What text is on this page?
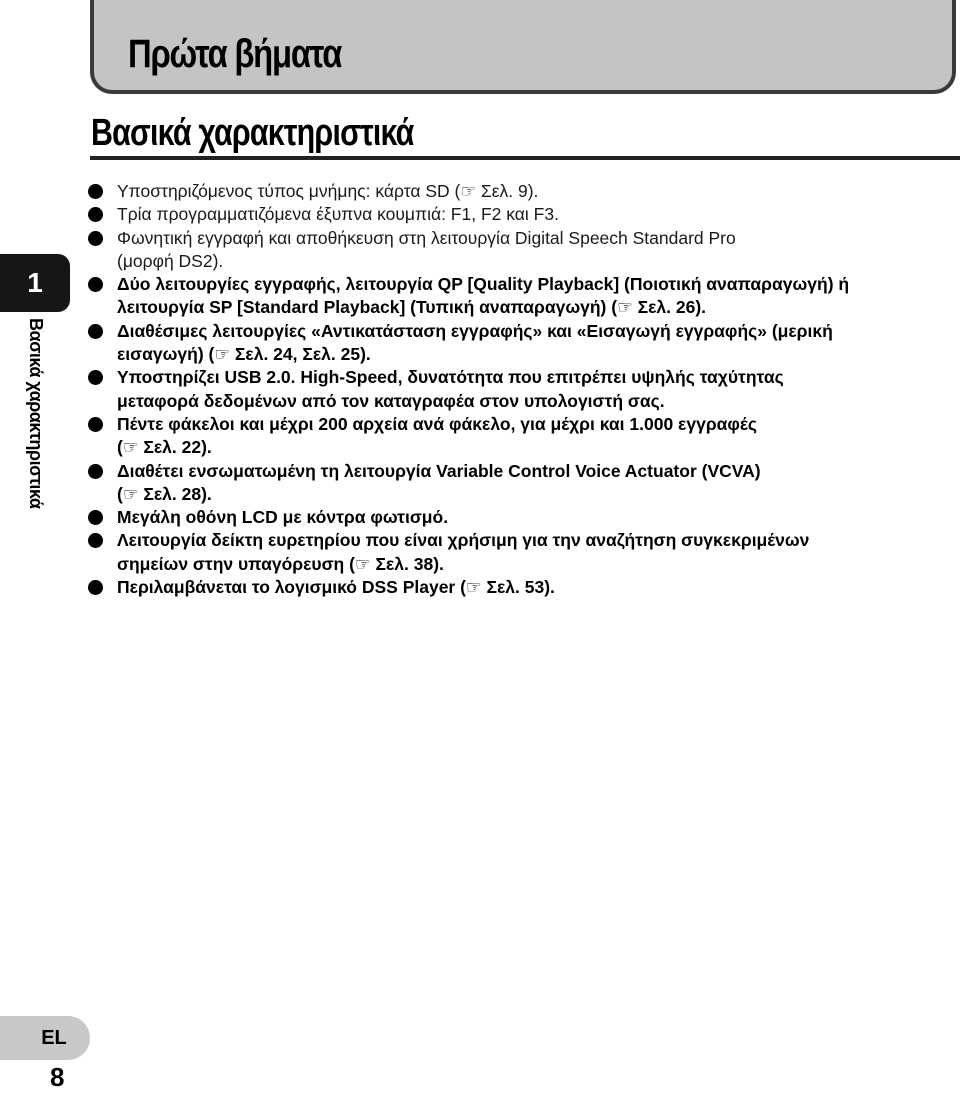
Πρώτα βήματα
Βασικά χαρακτηριστικά
1
Βασικά χαρακτηριστικά
Υποστηριζόμενος τύπος μνήμης: κάρτα SD (☞ Σελ. 9).
Τρία προγραμματιζόμενα έξυπνα κουμπιά: F1, F2 και F3.
Φωνητική εγγραφή και αποθήκευση στη λειτουργία Digital Speech Standard Pro
(μορφή DS2).
Δύο λειτουργίες εγγραφής, λειτουργία QP [Quality Playback] (Ποιοτική αναπαραγωγή) ή
λειτουργία SP [Standard Playback] (Τυπική αναπαραγωγή) (☞ Σελ. 26).
Διαθέσιμες λειτουργίες «Αντικατάσταση εγγραφής» και «Εισαγωγή εγγραφής» (μερική
εισαγωγή) (☞ Σελ. 24, Σελ. 25).
Υποστηρίζει USB 2.0. High-Speed, δυνατότητα που επιτρέπει υψηλής ταχύτητας
μεταφορά δεδομένων από τον καταγραφέα στον υπολογιστή σας.
Πέντε φάκελοι και μέχρι 200 αρχεία ανά φάκελο, για μέχρι και 1.000 εγγραφές
(☞ Σελ. 22).
Διαθέτει ενσωματωμένη τη λειτουργία Variable Control Voice Actuator (VCVA)
(☞ Σελ. 28).
Μεγάλη οθόνη LCD με κόντρα φωτισμό.
Λειτουργία δείκτη ευρετηρίου που είναι χρήσιμη για την αναζήτηση συγκεκριμένων
σημείων στην υπαγόρευση (☞ Σελ. 38).
Περιλαμβάνεται το λογισμικό DSS Player (☞ Σελ. 53).
EL
8
